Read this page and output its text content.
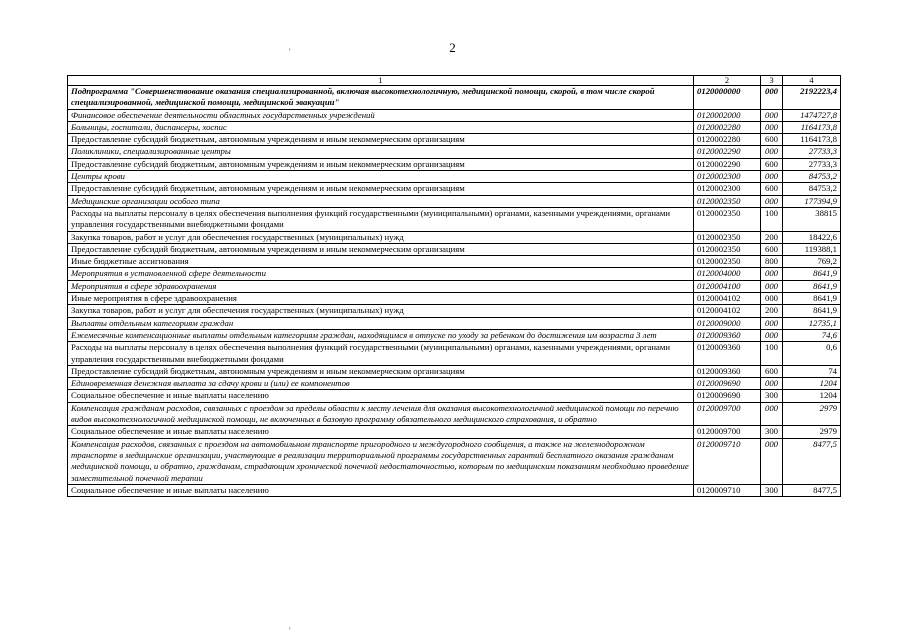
2
'
'
1	2	3	4
Подпрограмма "Совершенствование оказания специализированной, включая высокотехнологичную, медицинской помощи, скорой, в том числе скорой специализированной, медицинской помощи, медицинской эвакуации"	0120000000	000	2192223,4
Финансовое обеспечение деятельности областных государственных учреждений	0120002000	000	1474727,8
Больницы, госпитали, диспансеры, хоспис	0120002280	000	1164173,8
Предоставление субсидий бюджетным, автономным учреждениям и иным некоммерческим организациям	0120002280	600	1164173,8
Поликлиники, специализированные центры	0120002290	000	27733,3
Предоставление субсидий бюджетным, автономным учреждениям и иным некоммерческим организациям	0120002290	600	27733,3
Центры крови	0120002300	000	84753,2
Предоставление субсидий бюджетным, автономным учреждениям и иным некоммерческим организациям	0120002300	600	84753,2
Медицинские организации особого типа	0120002350	000	177394,9
Расходы на выплаты персоналу в целях обеспечения выполнения функций государственными (муниципальными) органами, казенными учреждениями, органами управления государственными внебюджетными фондами	0120002350	100	38815
Закупка товаров, работ и услуг для обеспечения государственных (муниципальных) нужд	0120002350	200	18422,6
Предоставление субсидий бюджетным, автономным учреждениям и иным некоммерческим организациям	0120002350	600	119388,1
Иные бюджетные ассигнования	0120002350	800	769,2
Мероприятия в установленной сфере деятельности	0120004000	000	8641,9
Мероприятия в сфере здравоохранения	0120004100	000	8641,9
Иные мероприятия в сфере здравоохранения	0120004102	000	8641,9
Закупка товаров, работ и услуг для обеспечения государственных (муниципальных) нужд	0120004102	200	8641,9
Выплаты отдельным категориям граждан	0120009000	000	12735,1
Ежемесячные компенсационные выплаты отдельным категориям граждан, находящимся в отпуске по уходу за ребенком до достижения им возраста 3 лет	0120009360	000	74,6
Расходы на выплаты персоналу в целях обеспечения выполнения функций государственными (муниципальными) органами, казенными учреждениями, органами управления государственными внебюджетными фондами	0120009360	100	0,6
Предоставление субсидий бюджетным, автономным учреждениям и иным некоммерческим организациям	0120009360	600	74
Единовременная денежная выплата за сдачу крови и (или) ее компонентов	0120009690	000	1204
Социальное обеспечение и иные выплаты населению	0120009690	300	1204
Компенсация гражданам расходов, связанных с проездом за пределы области к месту лечения для оказания высокотехнологичной медицинской помощи по перечню видов высокотехнологичной медицинской помощи, не включенных в базовую программу обязательного медицинского страхования, и обратно	0120009700	000	2979
Социальное обеспечение и иные выплаты населению	0120009700	300	2979
Компенсация расходов, связанных с проездом на автомобильном транспорте пригородного и междугородного сообщения, а также на железнодорожном транспорте в медицинские организации, участвующие в реализации территориальной программы государственных гарантий бесплатного оказания гражданам медицинской помощи, и обратно, гражданам, страдающим хронической почечной недостаточностью, которым по медицинским показаниям необходимо проведение заместительной почечной терапии	0120009710	000	8477,5
Социальное обеспечение и иные выплаты населению	0120009710	300	8477,5
